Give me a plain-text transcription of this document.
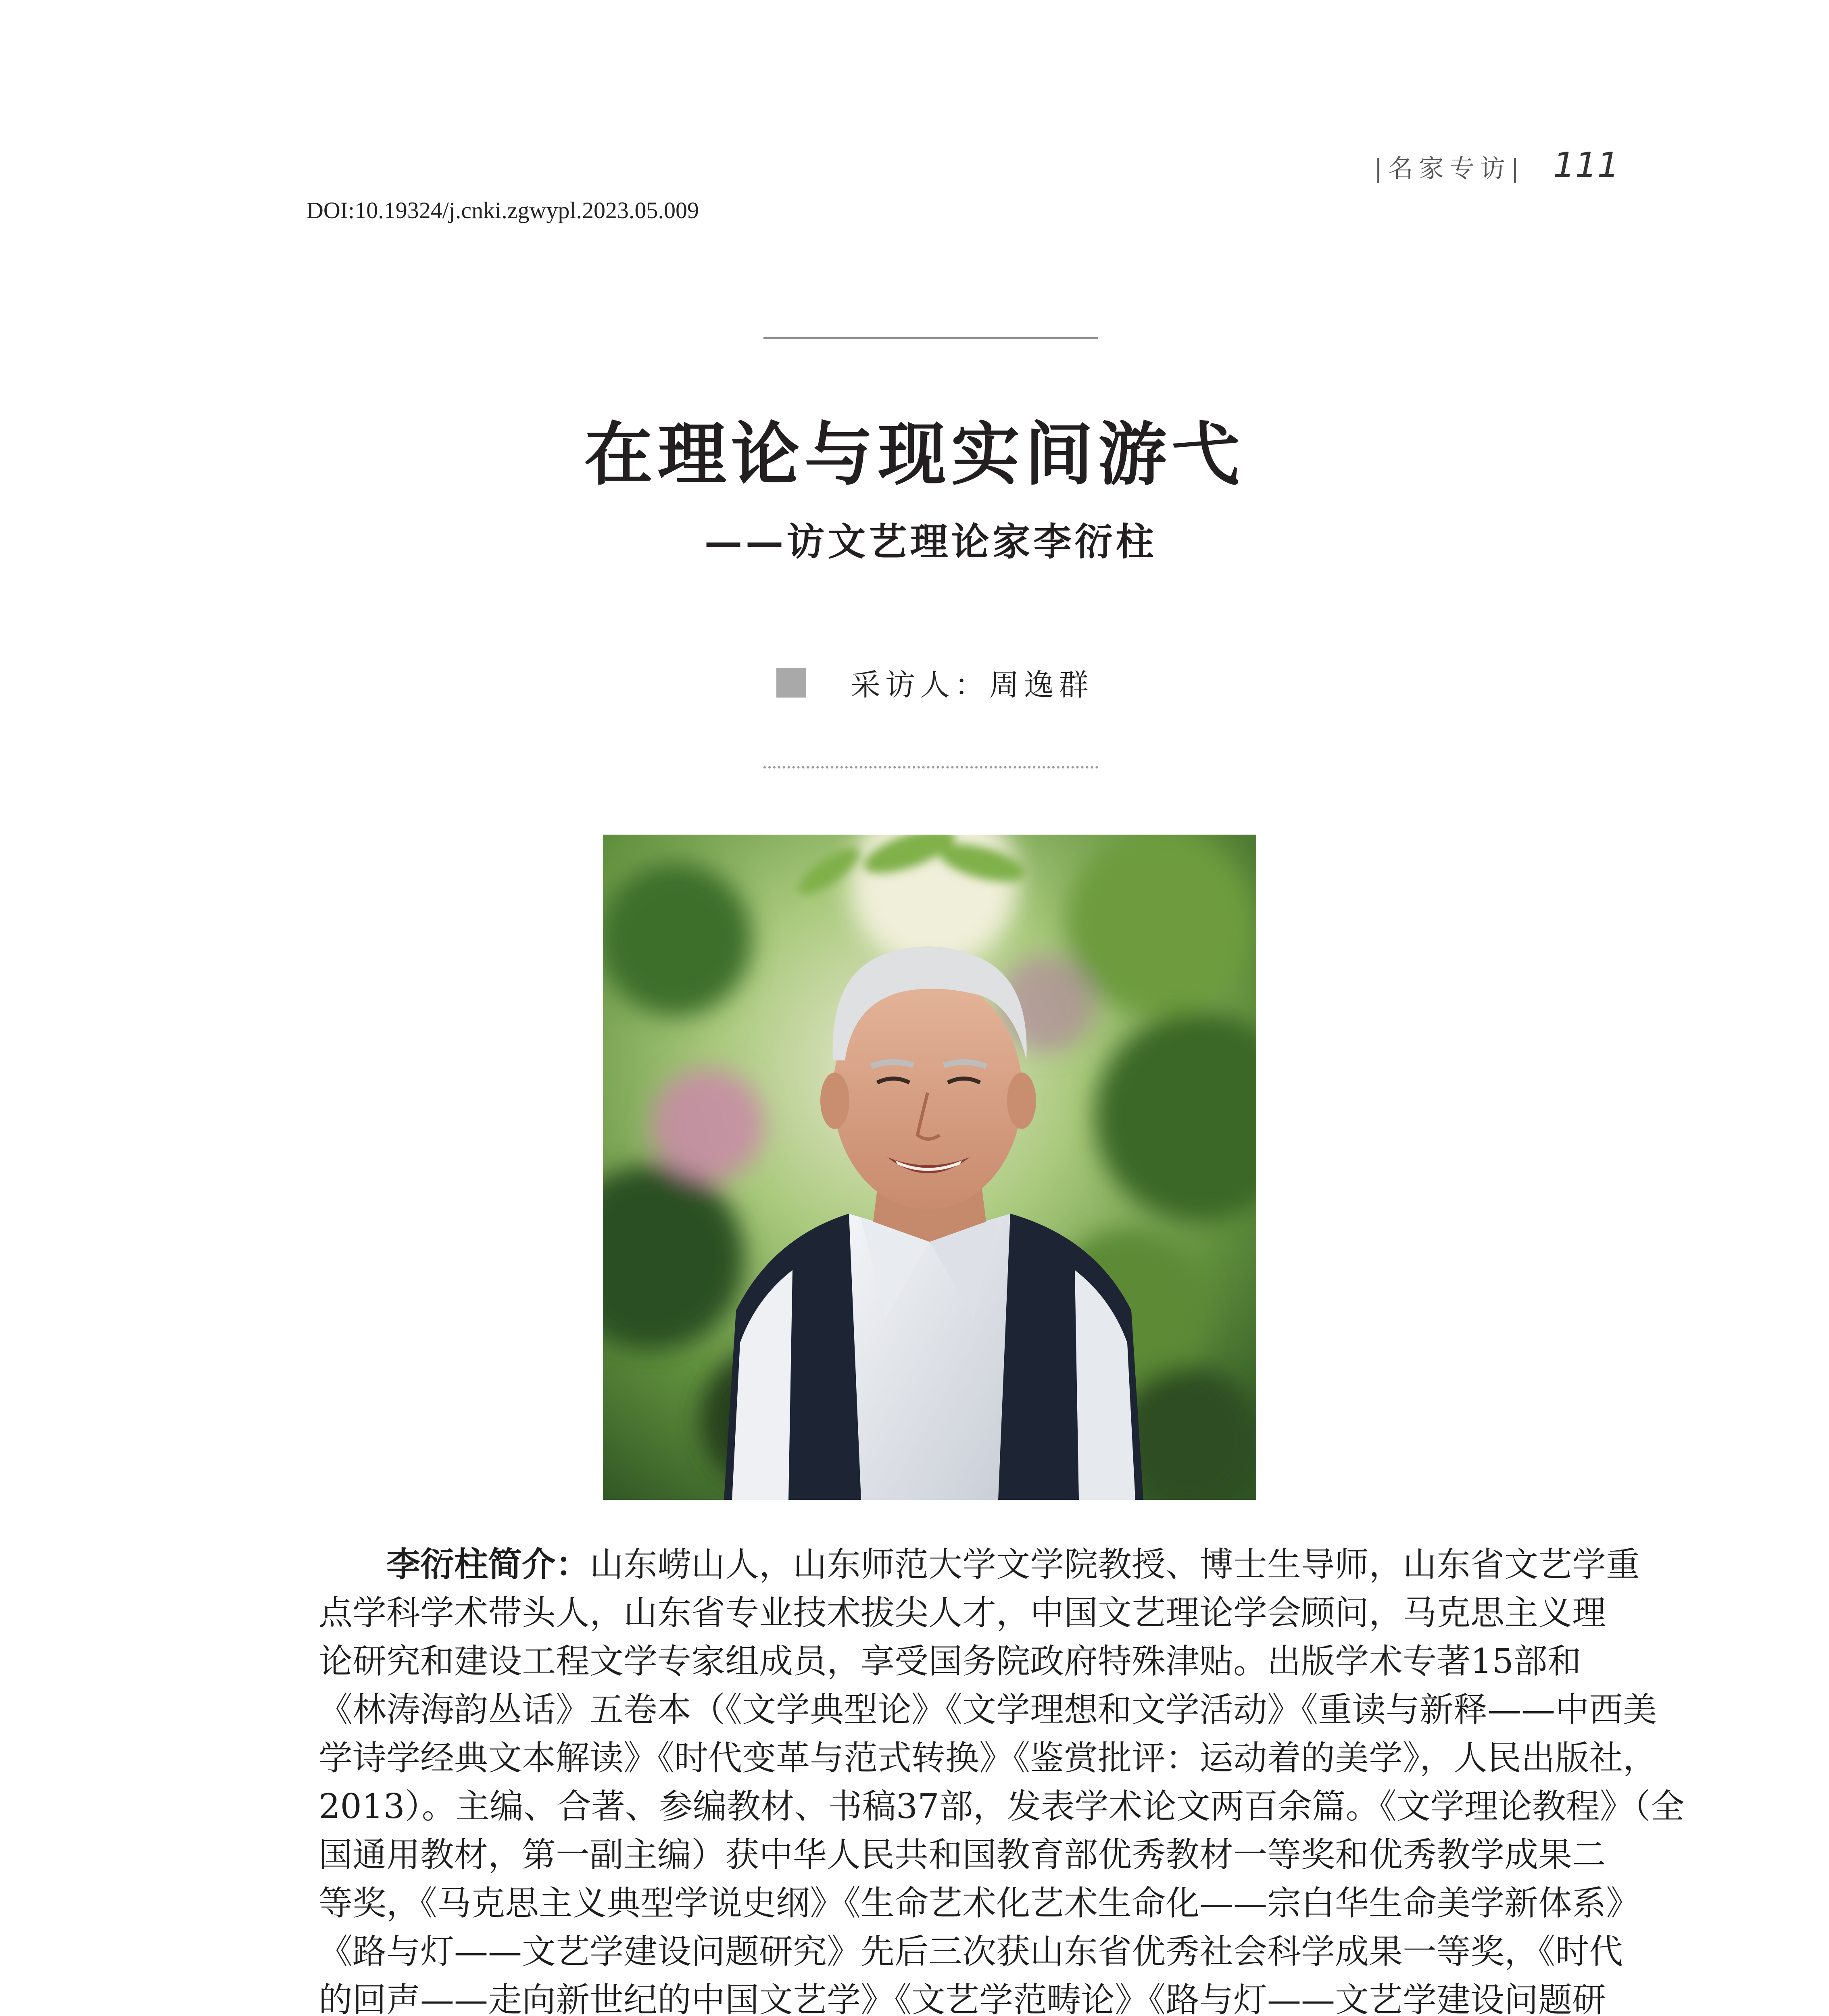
|名家专访| 111
DOI:10.19324/j.cnki.zgwypl.2023.05.009
在理论与现实间游弋
——访文艺理论家李衍柱
采访人：周逸群
李衍柱简介：山东崂山人，山东师范大学文学院教授、博士生导师，山东省文艺学重
点学科学术带头人，山东省专业技术拔尖人才，中国文艺理论学会顾问，马克思主义理
论研究和建设工程文学专家组成员，享受国务院政府特殊津贴。出版学术专著15部和
《林涛海韵丛话》五卷本（《文学典型论》《文学理想和文学活动》《重读与新释——中西美
学诗学经典文本解读》《时代变革与范式转换》《鉴赏批评：运动着的美学》，人民出版社，
2013）。主编、合著、参编教材、书稿37部，发表学术论文两百余篇。《文学理论教程》（全
国通用教材，第一副主编）获中华人民共和国教育部优秀教材一等奖和优秀教学成果二
等奖，《马克思主义典型学说史纲》《生命艺术化艺术生命化——宗白华生命美学新体系》
《路与灯——文艺学建设问题研究》先后三次获山东省优秀社会科学成果一等奖，《时代
的回声——走向新世纪的中国文艺学》《文艺学范畴论》《路与灯——文艺学建设问题研
